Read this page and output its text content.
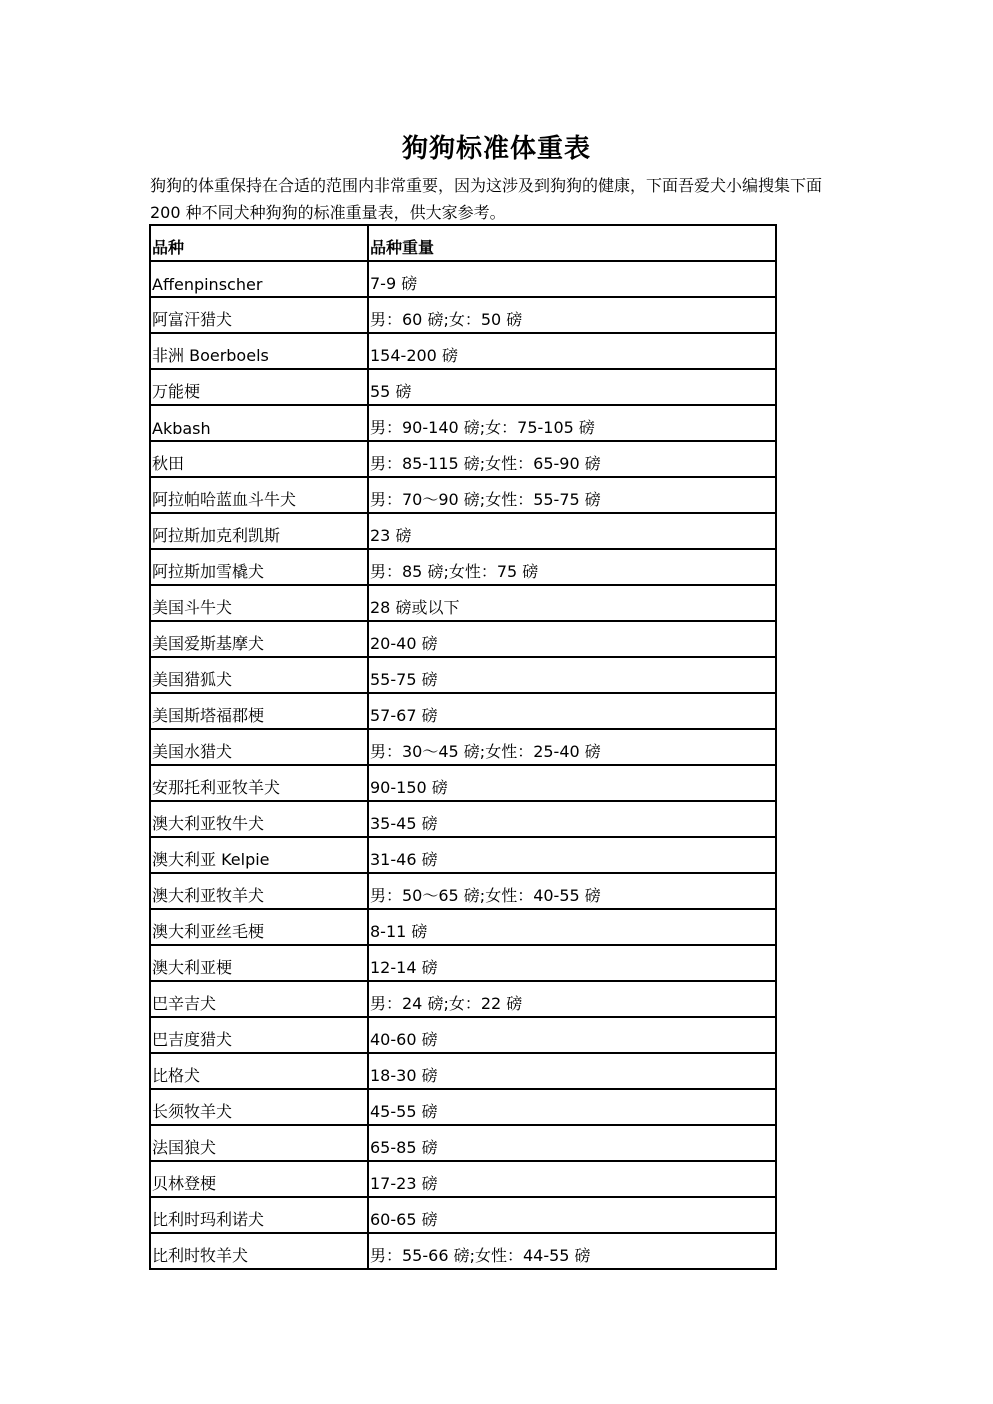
狗狗标准体重表
狗狗的体重保持在合适的范围内非常重要，因为这涉及到狗狗的健康，下面吾爱犬小编搜集下面 200 种不同犬种狗狗的标准重量表，供大家参考。
品种	品种重量
Affenpinscher	7-9 磅
阿富汗猎犬	男：60 磅;女：50 磅
非洲 Boerboels	154-200 磅
万能梗	55 磅
Akbash	男：90-140 磅;女：75-105 磅
秋田	男：85-115 磅;女性：65-90 磅
阿拉帕哈蓝血斗牛犬	男：70～90 磅;女性：55-75 磅
阿拉斯加克利凯斯	23 磅
阿拉斯加雪橇犬	男：85 磅;女性：75 磅
美国斗牛犬	28 磅或以下
美国爱斯基摩犬	20-40 磅
美国猎狐犬	55-75 磅
美国斯塔福郡梗	57-67 磅
美国水猎犬	男：30～45 磅;女性：25-40 磅
安那托利亚牧羊犬	90-150 磅
澳大利亚牧牛犬	35-45 磅
澳大利亚 Kelpie	31-46 磅
澳大利亚牧羊犬	男：50～65 磅;女性：40-55 磅
澳大利亚丝毛梗	8-11 磅
澳大利亚梗	12-14 磅
巴辛吉犬	男：24 磅;女：22 磅
巴吉度猎犬	40-60 磅
比格犬	18-30 磅
长须牧羊犬	45-55 磅
法国狼犬	65-85 磅
贝林登梗	17-23 磅
比利时玛利诺犬	60-65 磅
比利时牧羊犬	男：55-66 磅;女性：44-55 磅
